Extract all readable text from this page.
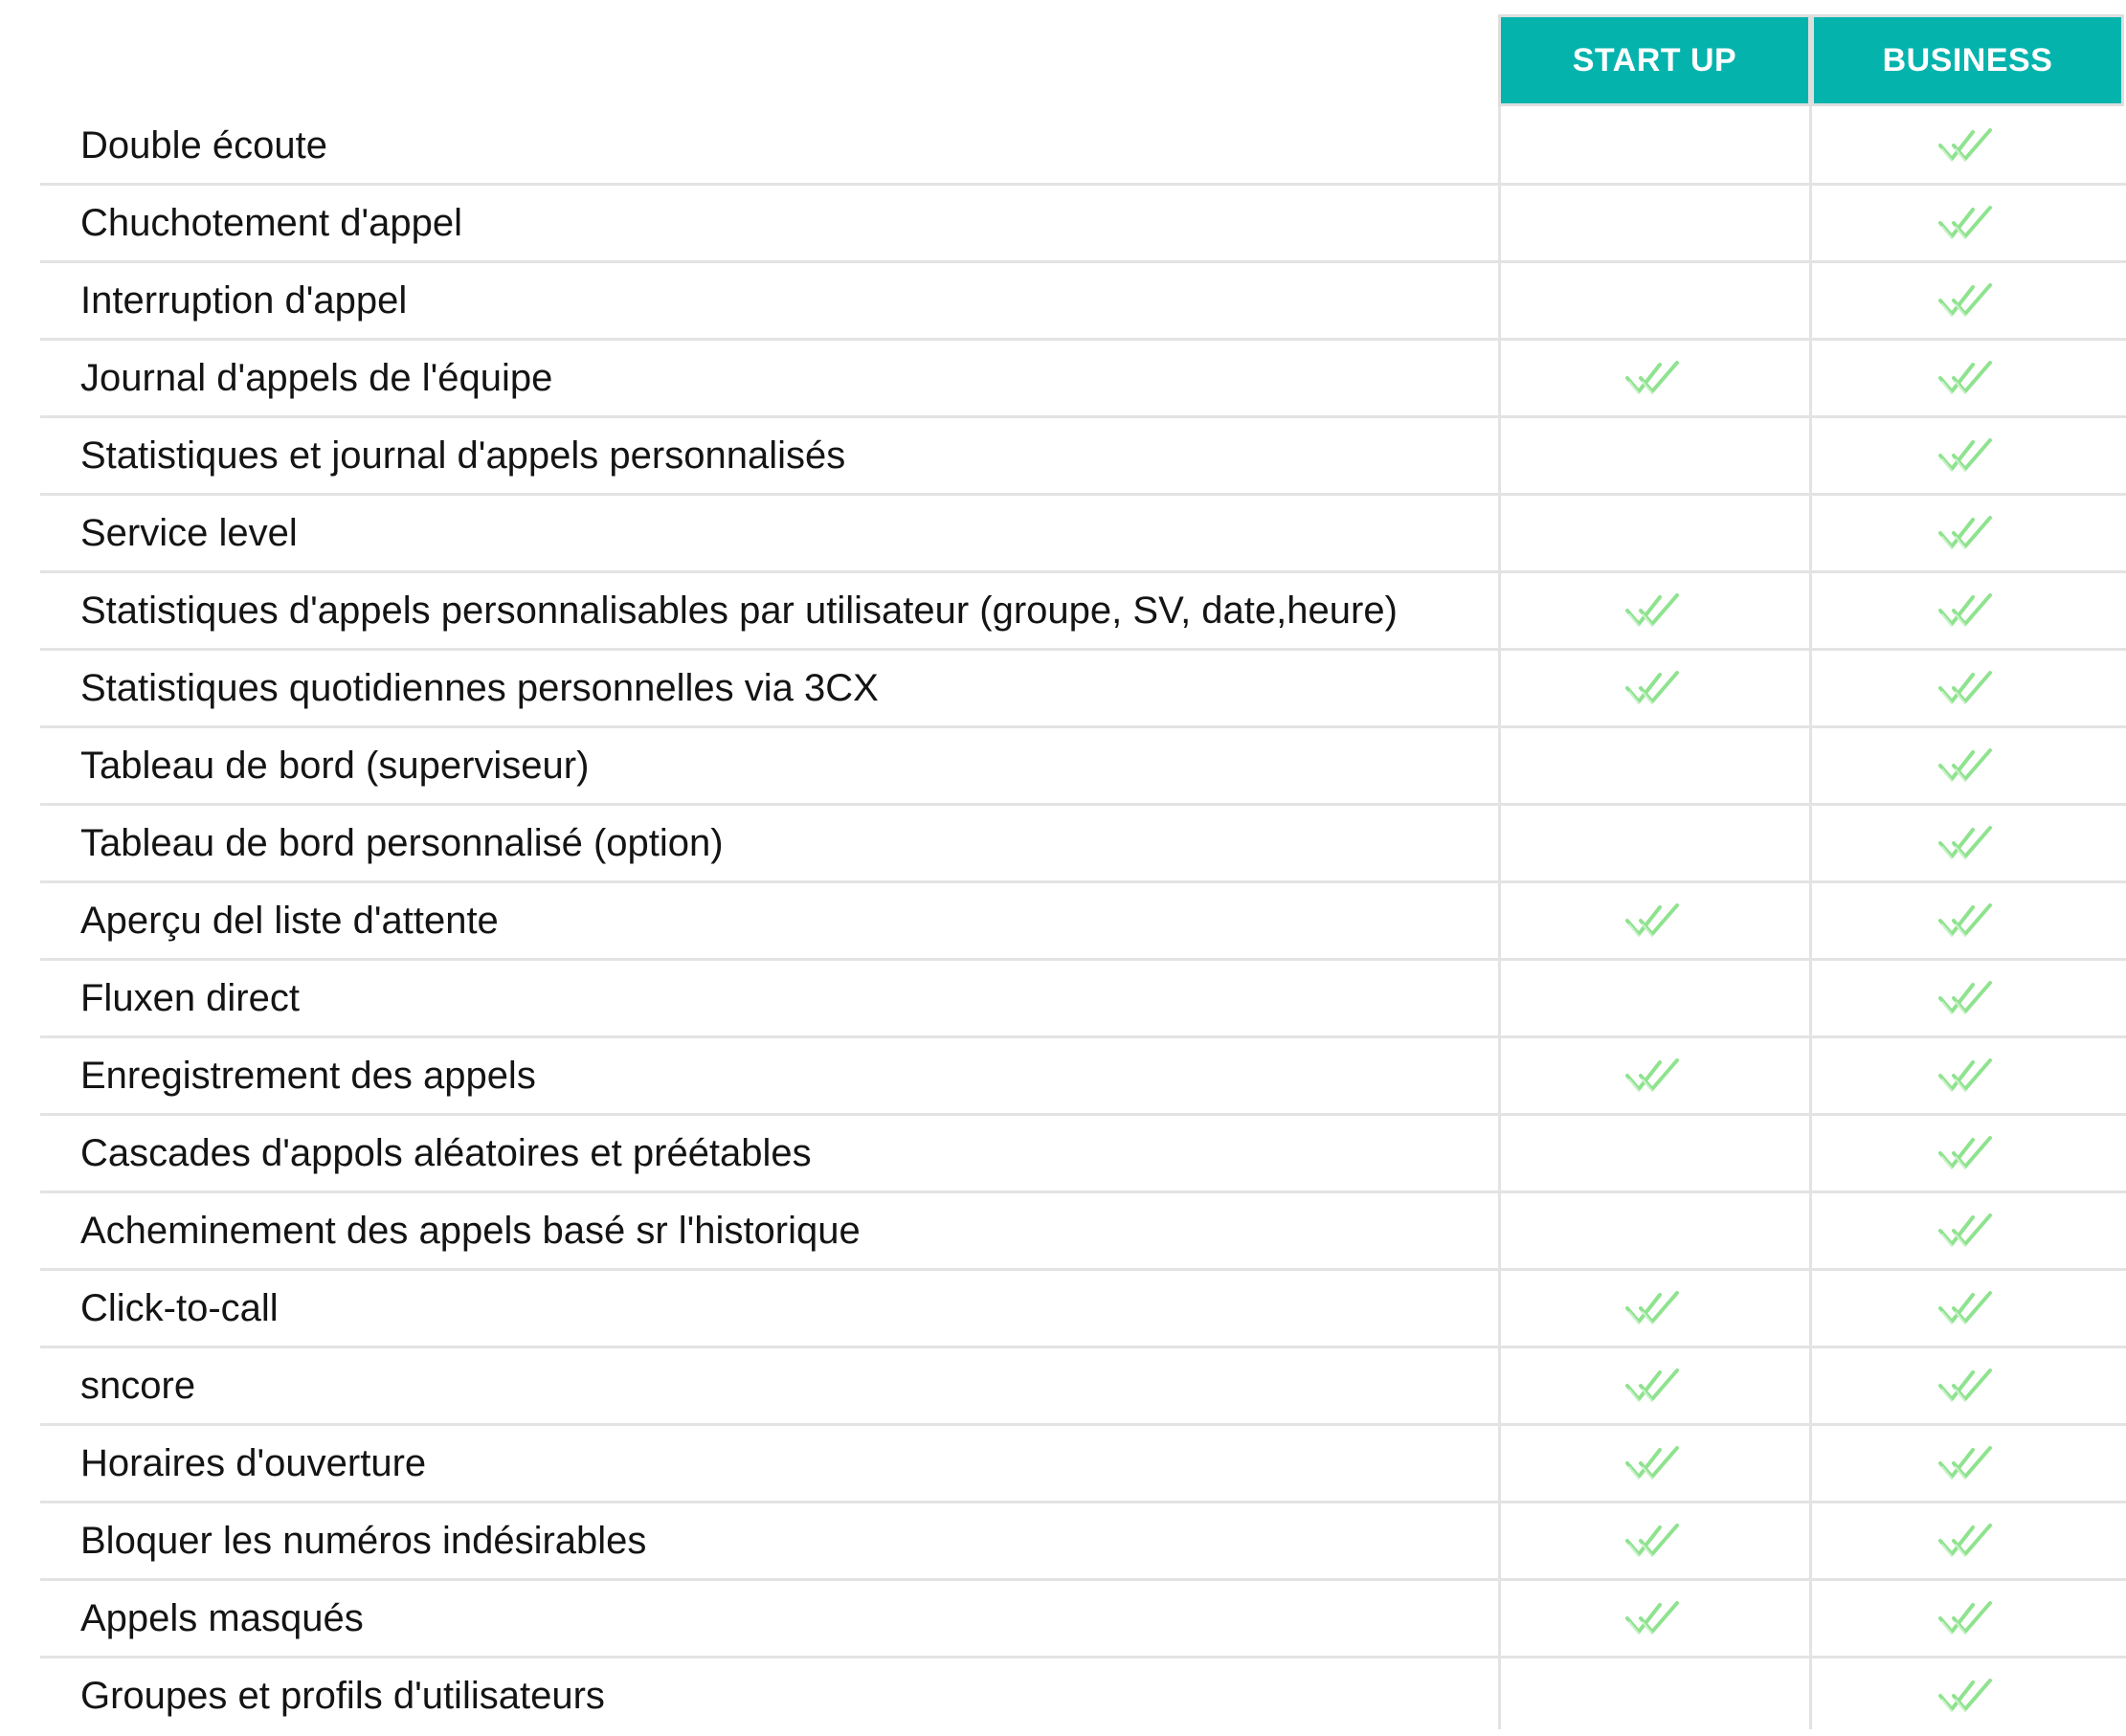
START UP	BUSINESS
Double écoute
Chuchotement d'appel
Interruption d'appel
Journal d'appels de l'équipe
Statistiques et journal d'appels personnalisés
Service level
Statistiques d'appels personnalisables par utilisateur (groupe, SV, date,heure)
Statistiques quotidiennes personnelles via 3CX
Tableau de bord (superviseur)
Tableau de bord personnalisé (option)
Aperçu del liste d'attente
Fluxen direct
Enregistrement des appels
Cascades d'appols aléatoires et préétables
Acheminement des appels basé sr l'historique
Click-to-call
sncore
Horaires d'ouverture
Bloquer les numéros indésirables
Appels masqués
Groupes et profils d'utilisateurs
